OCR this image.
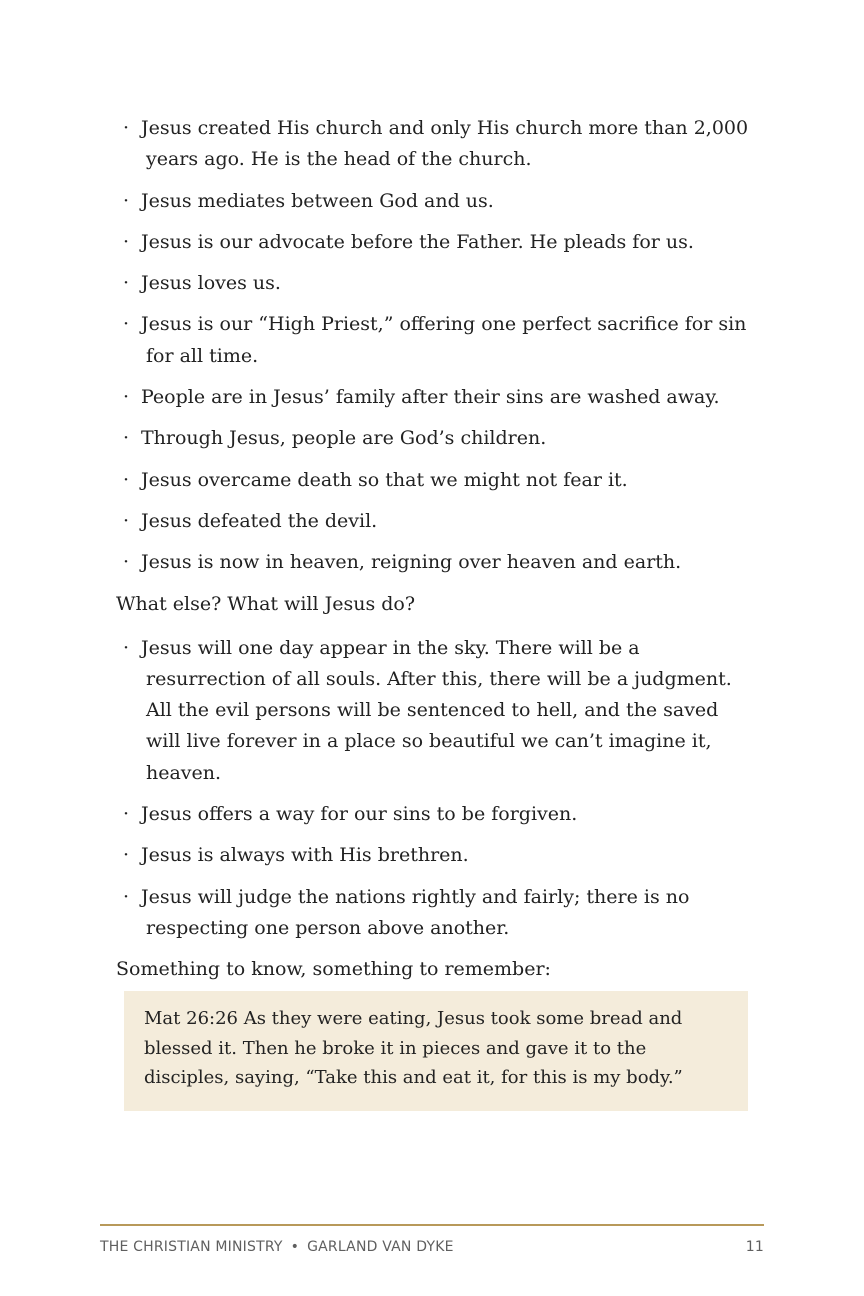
· Jesus created His church and only His church more than 2,000 years ago. He is the head of the church.
· Jesus mediates between God and us.
· Jesus is our advocate before the Father. He pleads for us.
· Jesus loves us.
· Jesus is our “High Priest,” offering one perfect sacrifice for sin for all time.
· People are in Jesus’ family after their sins are washed away.
· Through Jesus, people are God’s children.
· Jesus overcame death so that we might not fear it.
· Jesus defeated the devil.
· Jesus is now in heaven, reigning over heaven and earth.

What else? What will Jesus do?

· Jesus will one day appear in the sky. There will be a resurrection of all souls. After this, there will be a judgment. All the evil persons will be sentenced to hell, and the saved will live forever in a place so beautiful we can’t imagine it, heaven.
· Jesus offers a way for our sins to be forgiven.
· Jesus is always with His brethren.
· Jesus will judge the nations rightly and fairly; there is no respecting one person above another.

Something to know, something to remember:

Mat 26:26 As they were eating, Jesus took some bread and blessed it. Then he broke it in pieces and gave it to the disciples, saying, “Take this and eat it, for this is my body.”
THE CHRISTIAN MINISTRY • GARLAND VAN DYKE	11
